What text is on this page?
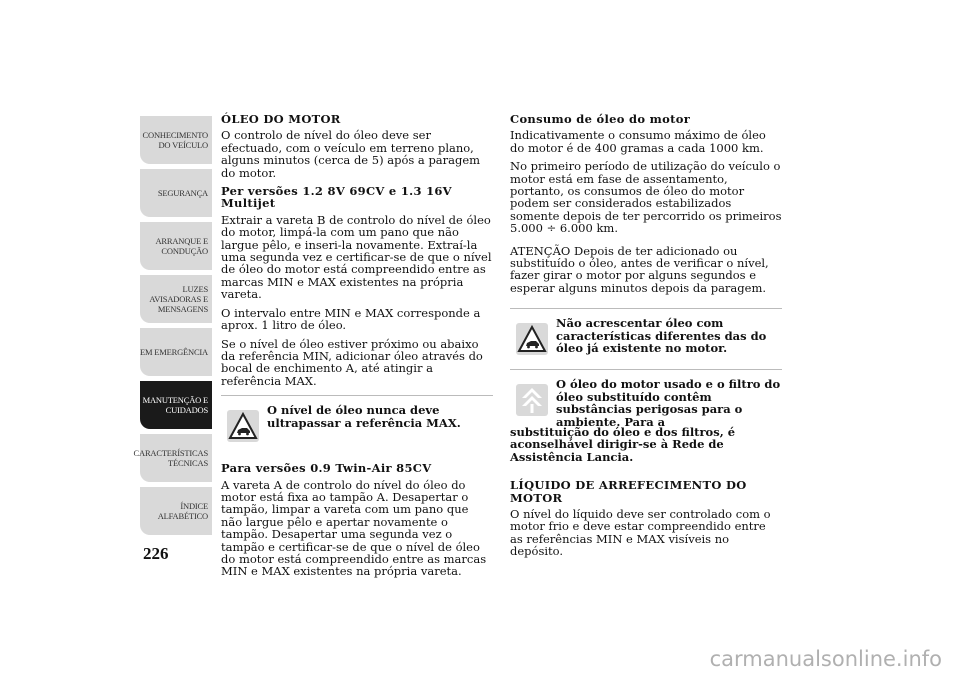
CONHECIMENTO
DO VEÍCULO
SEGURANÇA
ARRANQUE E
CONDUÇÃO
LUZES
AVISADORAS E
MENSAGENS
EM EMERGÊNCIA
MANUTENÇÃO E
CUIDADOS
CARACTERÍSTICAS
TÉCNICAS
ÍNDICE
ALFABÉTICO
226
ÓLEO DO MOTOR

O controlo de nível do óleo deve ser efectuado, com o veículo em terreno plano, alguns minutos (cerca de 5) após a paragem do motor.

Per versões 1.2 8V 69CV e 1.3 16V Multijet

Extrair a vareta B de controlo do nível de óleo do motor, limpá-la com um pano que não largue pêlo, e inseri-la novamente. Extraí-la uma segunda vez e certificar-se de que o nível de óleo do motor está compreendido entre as marcas MIN e MAX existentes na própria vareta.

O intervalo entre MIN e MAX corresponde a aprox. 1 litro de óleo.

Se o nível de óleo estiver próximo ou abaixo da referência MIN, adicionar óleo através do bocal de enchimento A, até atingir a referência MAX.

O nível de óleo nunca deve ultrapassar a referência MAX.
Para versões 0.9 Twin-Air 85CV

A vareta A de controlo do nível do óleo do motor está fixa ao tampão A. Desapertar o tampão, limpar a vareta com um pano que não largue pêlo e apertar novamente o tampão. Desapertar uma segunda vez o tampão e certificar-se de que o nível de óleo do motor está compreendido entre as marcas MIN e MAX existentes na própria vareta.

Consumo de óleo do motor

Indicativamente o consumo máximo de óleo do motor é de 400 gramas a cada 1000 km.

No primeiro período de utilização do veículo o motor está em fase de assentamento, portanto, os consumos de óleo do motor podem ser considerados estabilizados somente depois de ter percorrido os primeiros 5.000 ÷ 6.000 km.

ATENÇÃO Depois de ter adicionado ou substituído o óleo, antes de verificar o nível, fazer girar o motor por alguns segundos e esperar alguns minutos depois da paragem.

Não acrescentar óleo com características diferentes das do óleo já existente no motor.
O óleo do motor usado e o filtro do óleo substituído contêm substâncias perigosas para o ambiente. Para a
substituição do óleo e dos filtros, é aconselhável dirigir-se à Rede de Assistência Lancia.
LÍQUIDO DE ARREFECIMENTO DO MOTOR

O nível do líquido deve ser controlado com o motor frio e deve estar compreendido entre as referências MIN e MAX visíveis no depósito.

carmanualsonline.info
